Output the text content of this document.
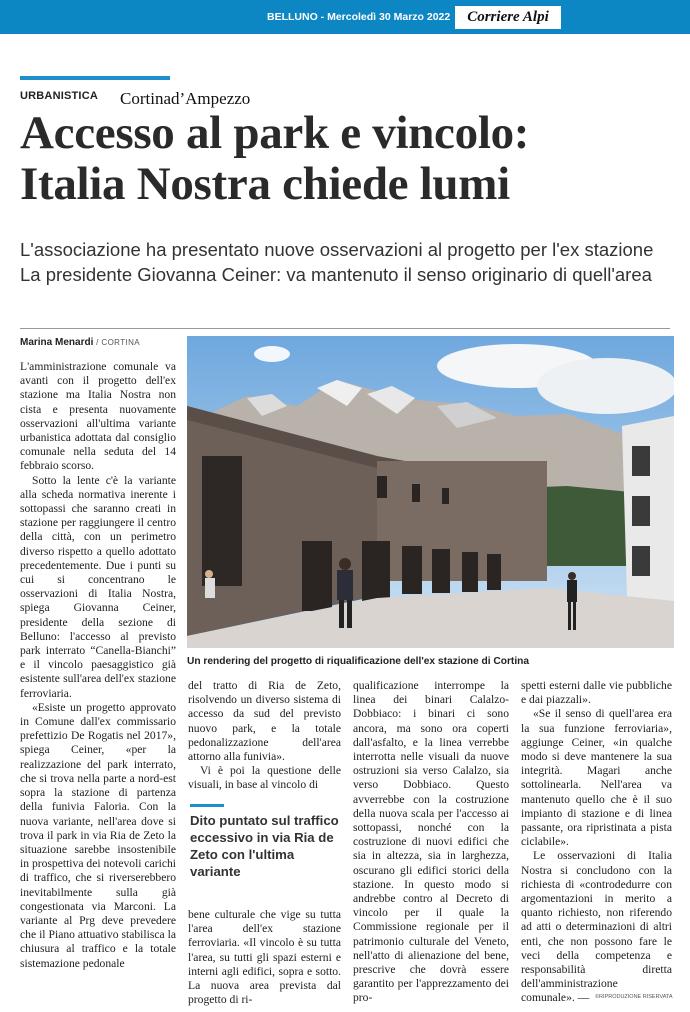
BELLUNO - Mercoledì 30 Marzo 2022	Corriere Alpi
URBANISTICA Cortinad’Ampezzo
Accesso al park e vincolo:
Italia Nostra chiede lumi
L'associazione ha presentato nuove osservazioni al progetto per l'ex stazione
La presidente Giovanna Ceiner: va mantenuto il senso originario di quell'area
Marina Menardi / CORTINA

L'amministrazione comunale va avanti con il progetto dell'ex stazione ma Italia Nostra non cista e presenta nuovamente osservazioni all'ultima variante urbanistica adottata dal consiglio comunale nella seduta del 14 febbraio scorso.

Sotto la lente c'è la variante alla scheda normativa inerente i sottopassi che saranno creati in stazione per raggiungere il centro della città, con un perimetro diverso rispetto a quello adottato precedentemente. Due i punti su cui si concentrano le osservazioni di Italia Nostra, spiega Giovanna Ceiner, presidente della sezione di Belluno: l'accesso al previsto park interrato “Canella-Bianchi” e il vincolo paesaggistico già esistente sull'area dell'ex stazione ferroviaria.

«Esiste un progetto approvato in Comune dall'ex commissario prefettizio De Rogatis nel 2017», spiega Ceiner, «per la realizzazione del park interrato, che si trova nella parte a nord-est sopra la stazione di partenza della funivia Faloria. Con la nuova variante, nell'area dove si trova il park in via Ria de Zeto la situazione sarebbe insostenibile in prospettiva dei notevoli carichi di traffico, che si riverserebbero inevitabilmente sulla già congestionata via Marconi. La variante al Prg deve prevedere che il Piano attuativo stabilisca la chiusura al traffico e la totale sistemazione pedonale

Un rendering del progetto di riqualificazione dell'ex stazione di Cortina

del tratto di Ria de Zeto, risolvendo un diverso sistema di accesso da sud del previsto nuovo park, e la totale pedonalizzazione dell'area attorno alla funivia».

Vi è poi la questione delle visuali, in base al vincolo di

Dito puntato sul traffico eccessivo in via Ria de Zeto con l'ultima variante

bene culturale che vige su tutta l'area dell'ex stazione ferroviaria. «Il vincolo è su tutta l'area, su tutti gli spazi esterni e interni agli edifici, sopra e sotto. La nuova area prevista dal progetto di ri-

qualificazione interrompe la linea dei binari Calalzo-Dobbiaco: i binari ci sono ancora, ma sono ora coperti dall'asfalto, e la linea verrebbe interrotta nelle visuali da nuove ostruzioni sia verso Calalzo, sia verso Dobbiaco. Questo avverrebbe con la costruzione della nuova scala per l'accesso ai sottopassi, nonché con la costruzione di nuovi edifici che sia in altezza, sia in larghezza, oscurano gli edifici storici della stazione. In questo modo si andrebbe contro al Decreto di vincolo per il quale la Commissione regionale per il patrimonio culturale del Veneto, nell'atto di alienazione del bene, prescrive che dovrà essere garantito per l'apprezzamento dei pro-

spetti esterni dalle vie pubbliche e dai piazzali».

«Se il senso di quell'area era la sua funzione ferroviaria», aggiunge Ceiner, «in qualche modo si deve mantenere la sua integrità. Magari anche sottolinearla. Nell'area va mantenuto quello che è il suo impianto di stazione e di linea passante, ora ripristinata a pista ciclabile».

Le osservazioni di Italia Nostra si concludono con la richiesta di «controdedurre con argomentazioni in merito a quanto richiesto, non riferendo ad atti o determinazioni di altri enti, che non possono fare le veci della competenza e responsabilità diretta dell'amministrazione comunale». —	©RIPRODUZIONE RISERVATA
